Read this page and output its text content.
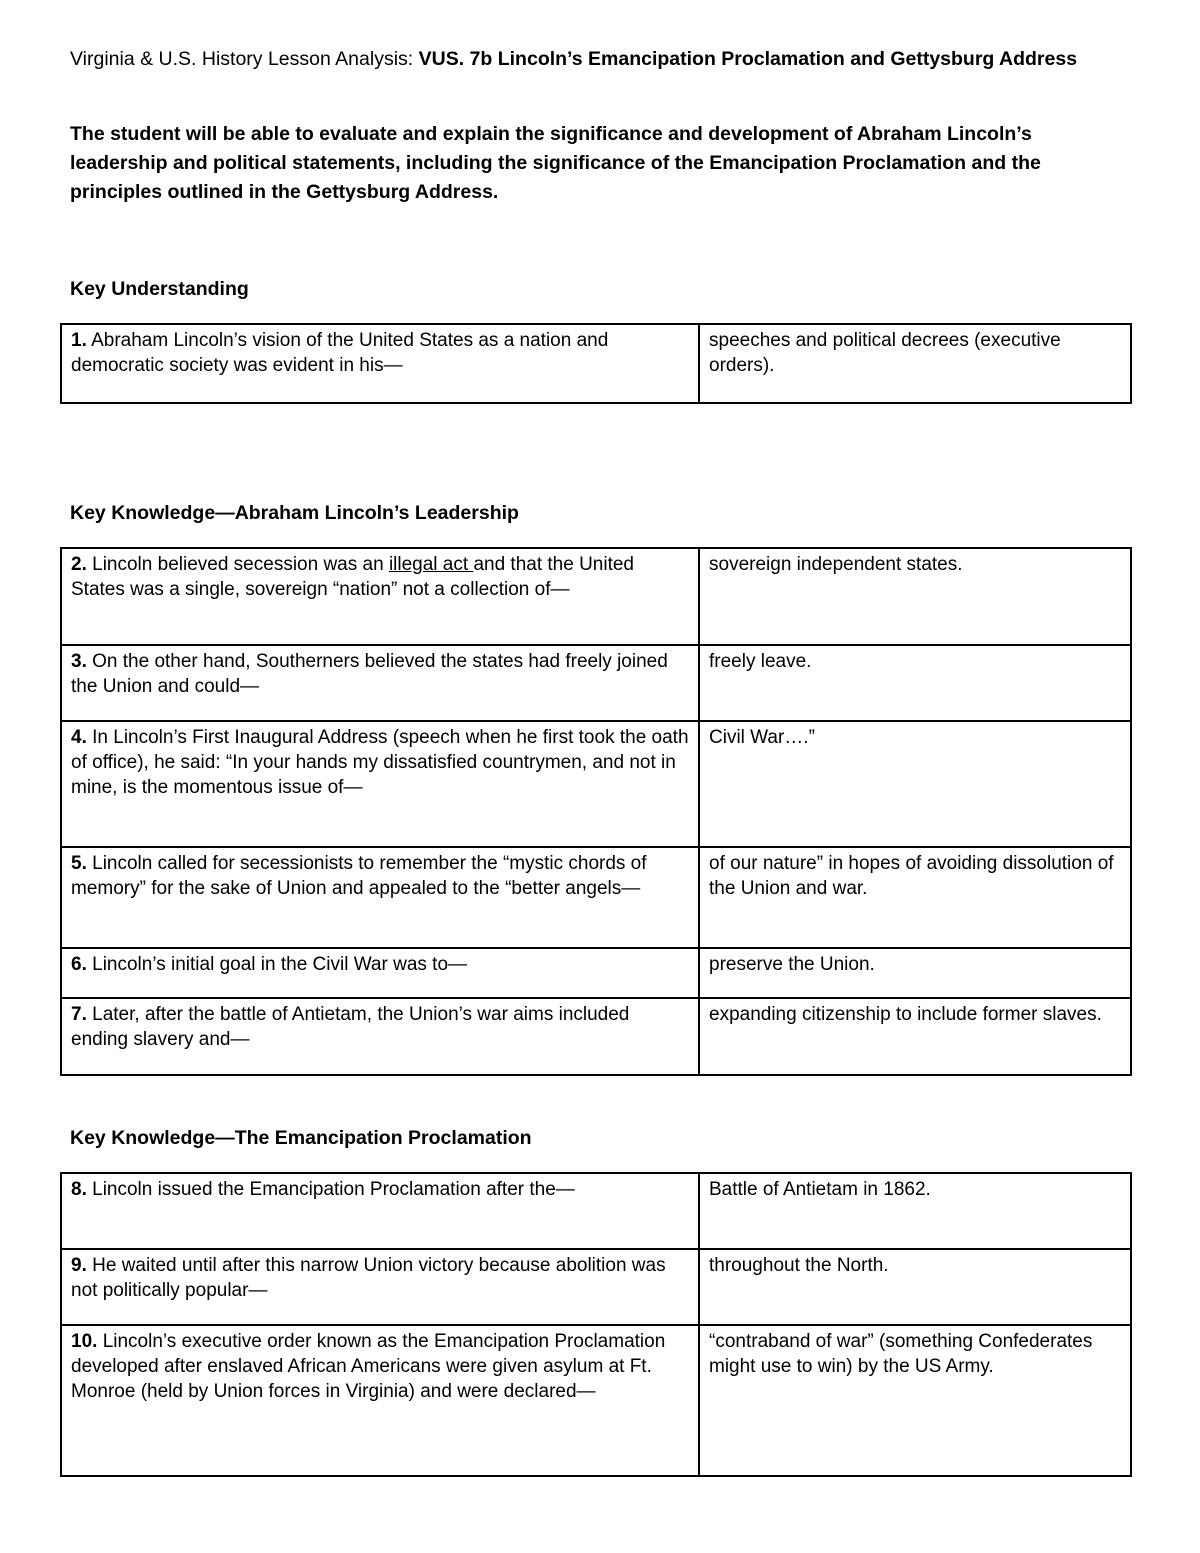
Virginia & U.S. History Lesson Analysis: VUS. 7b Lincoln’s Emancipation Proclamation and Gettysburg Address
The student will be able to evaluate and explain the significance and development of Abraham Lincoln’s leadership and political statements, including the significance of the Emancipation Proclamation and the principles outlined in the Gettysburg Address.
Key Understanding
1. Abraham Lincoln’s vision of the United States as a nation and democratic society was evident in his—	speeches and political decrees (executive orders).
Key Knowledge—Abraham Lincoln’s Leadership
2. Lincoln believed secession was an illegal act and that the United States was a single, sovereign “nation” not a collection of—	sovereign independent states.
3. On the other hand, Southerners believed the states had freely joined the Union and could—	freely leave.
4. In Lincoln’s First Inaugural Address (speech when he first took the oath of office), he said: “In your hands my dissatisfied countrymen, and not in mine, is the momentous issue of—	Civil War….”
5. Lincoln called for secessionists to remember the “mystic chords of memory” for the sake of Union and appealed to the “better angels—	of our nature” in hopes of avoiding dissolution of the Union and war.
6. Lincoln’s initial goal in the Civil War was to—	preserve the Union.
7. Later, after the battle of Antietam, the Union’s war aims included ending slavery and—	expanding citizenship to include former slaves.
Key Knowledge—The Emancipation Proclamation
8. Lincoln issued the Emancipation Proclamation after the—	Battle of Antietam in 1862.
9. He waited until after this narrow Union victory because abolition was not politically popular—	throughout the North.
10. Lincoln’s executive order known as the Emancipation Proclamation developed after enslaved African Americans were given asylum at Ft. Monroe (held by Union forces in Virginia) and were declared—	“contraband of war” (something Confederates might use to win) by the US Army.
